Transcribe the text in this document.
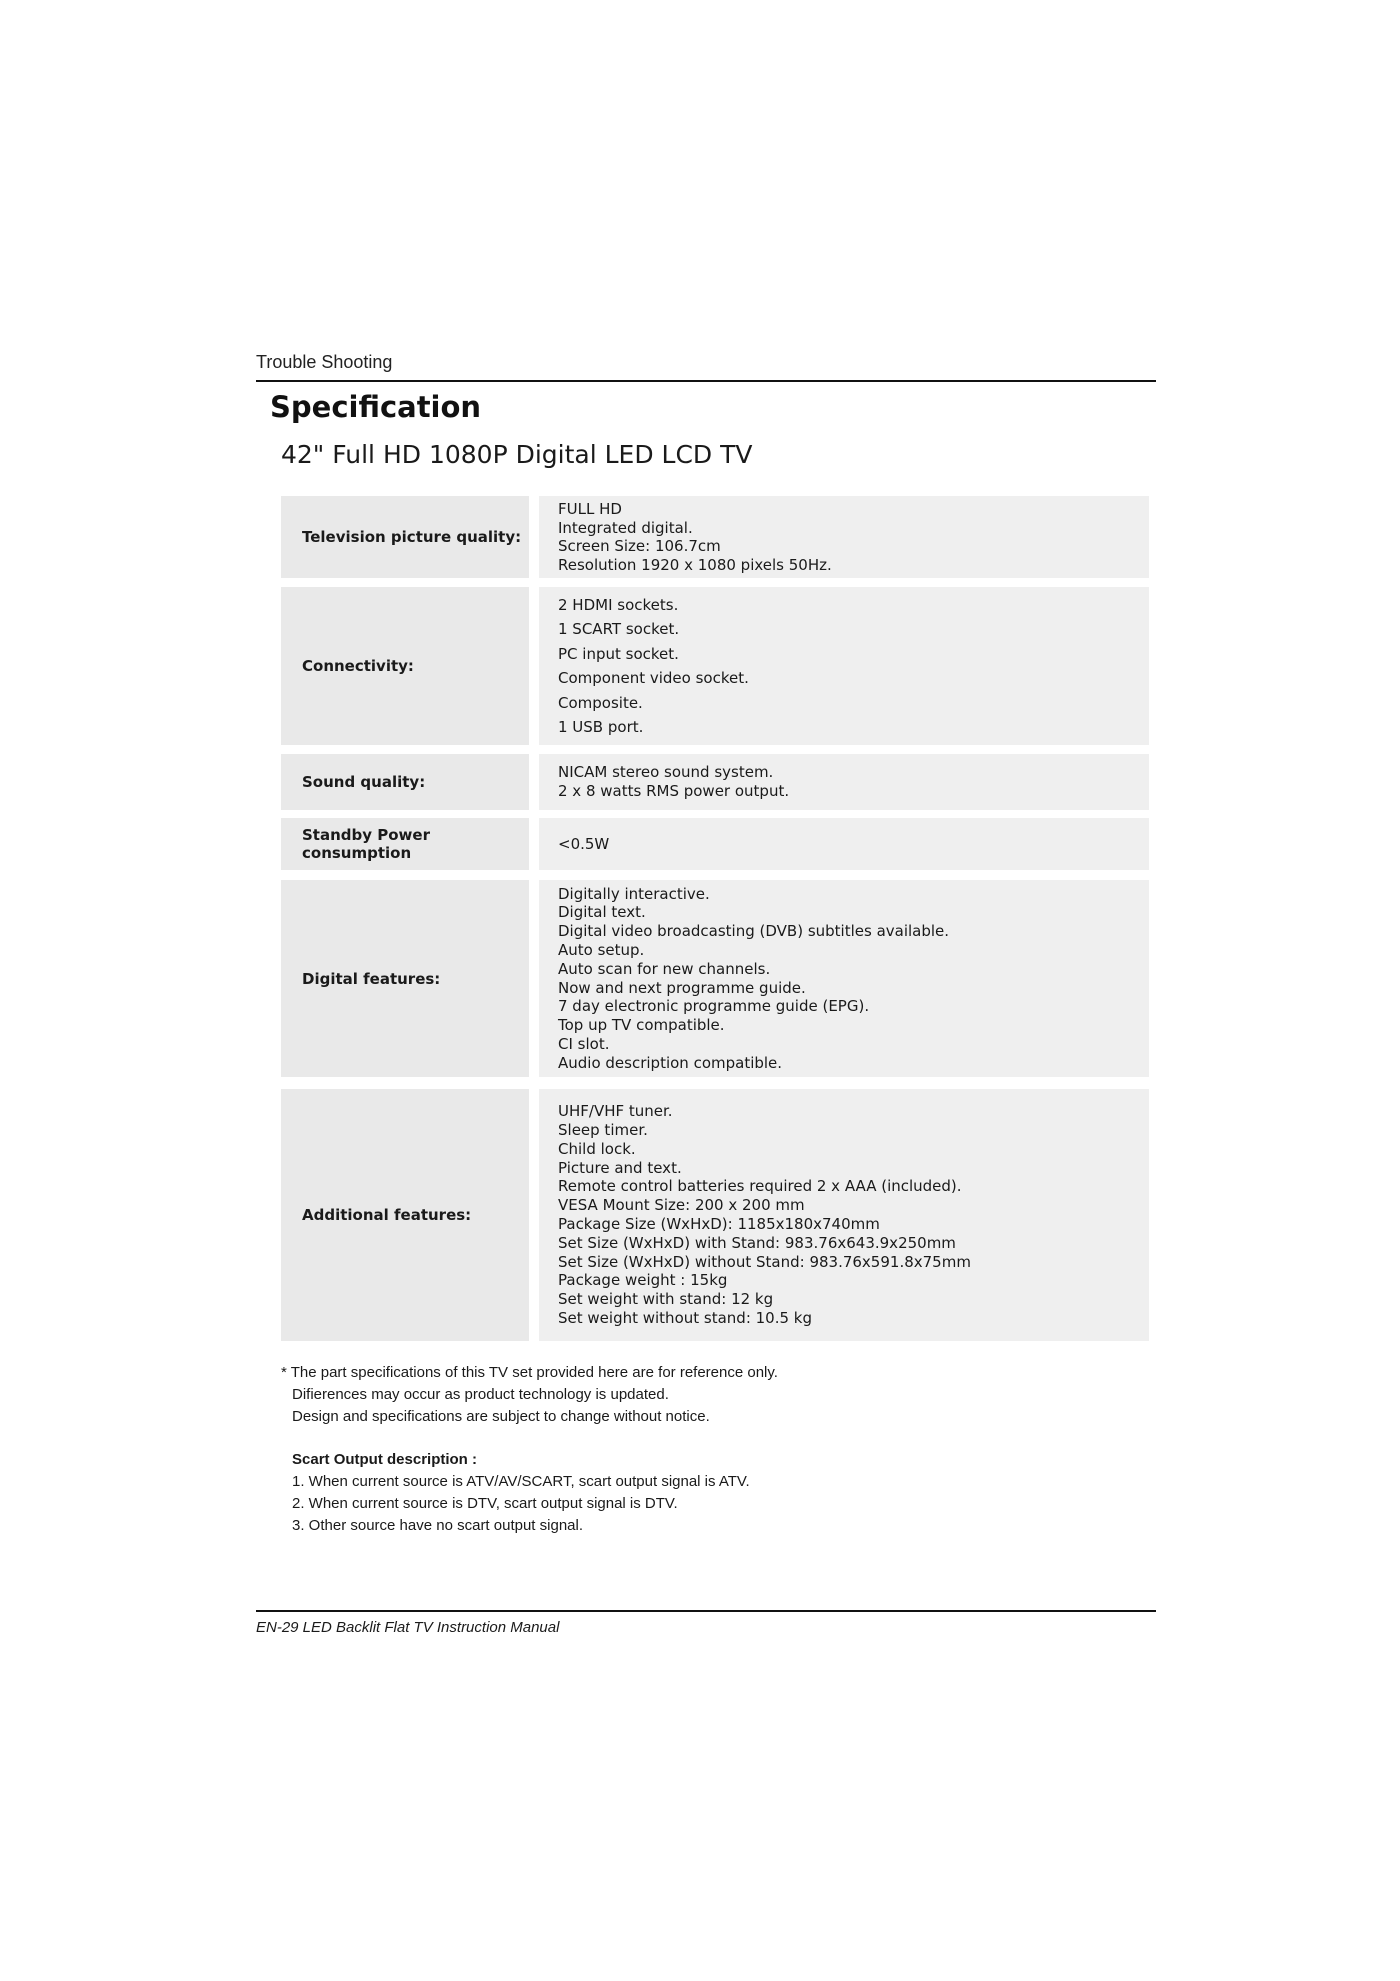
Trouble Shooting
Specification
42" Full HD 1080P Digital LED LCD TV
Television picture quality:
FULL HD
Integrated digital.
Screen Size: 106.7cm
Resolution 1920 x 1080 pixels 50Hz.
Connectivity:
2 HDMI sockets.
1 SCART socket.
PC input socket.
Component video socket.
Composite.
1 USB port.
Sound quality:
NICAM stereo sound system.
2 x 8 watts RMS power output.
Standby Power consumption
<0.5W
Digital features:
Digitally interactive.
Digital text.
Digital video broadcasting (DVB) subtitles available.
Auto setup.
Auto scan for new channels.
Now and next programme guide.
7 day electronic programme guide (EPG).
Top up TV compatible.
CI slot.
Audio description compatible.
Additional features:
UHF/VHF tuner.
Sleep timer.
Child lock.
Picture and text.
Remote control batteries required 2 x AAA (included).
VESA Mount Size: 200 x 200 mm
Package Size (WxHxD): 1185x180x740mm
Set Size (WxHxD) with Stand: 983.76x643.9x250mm
Set Size (WxHxD) without Stand: 983.76x591.8x75mm
Package weight : 15kg
Set weight with stand: 12 kg
Set weight without stand: 10.5 kg
* The part specifications of this TV set provided here are for reference only.
Difierences may occur as product technology is updated.
Design and specifications are subject to change without notice.
Scart Output description :
1. When current source is ATV/AV/SCART, scart output signal is ATV.
2. When current source is DTV, scart output signal is DTV.
3. Other source have no scart output signal.
EN-29 LED Backlit Flat TV Instruction Manual
